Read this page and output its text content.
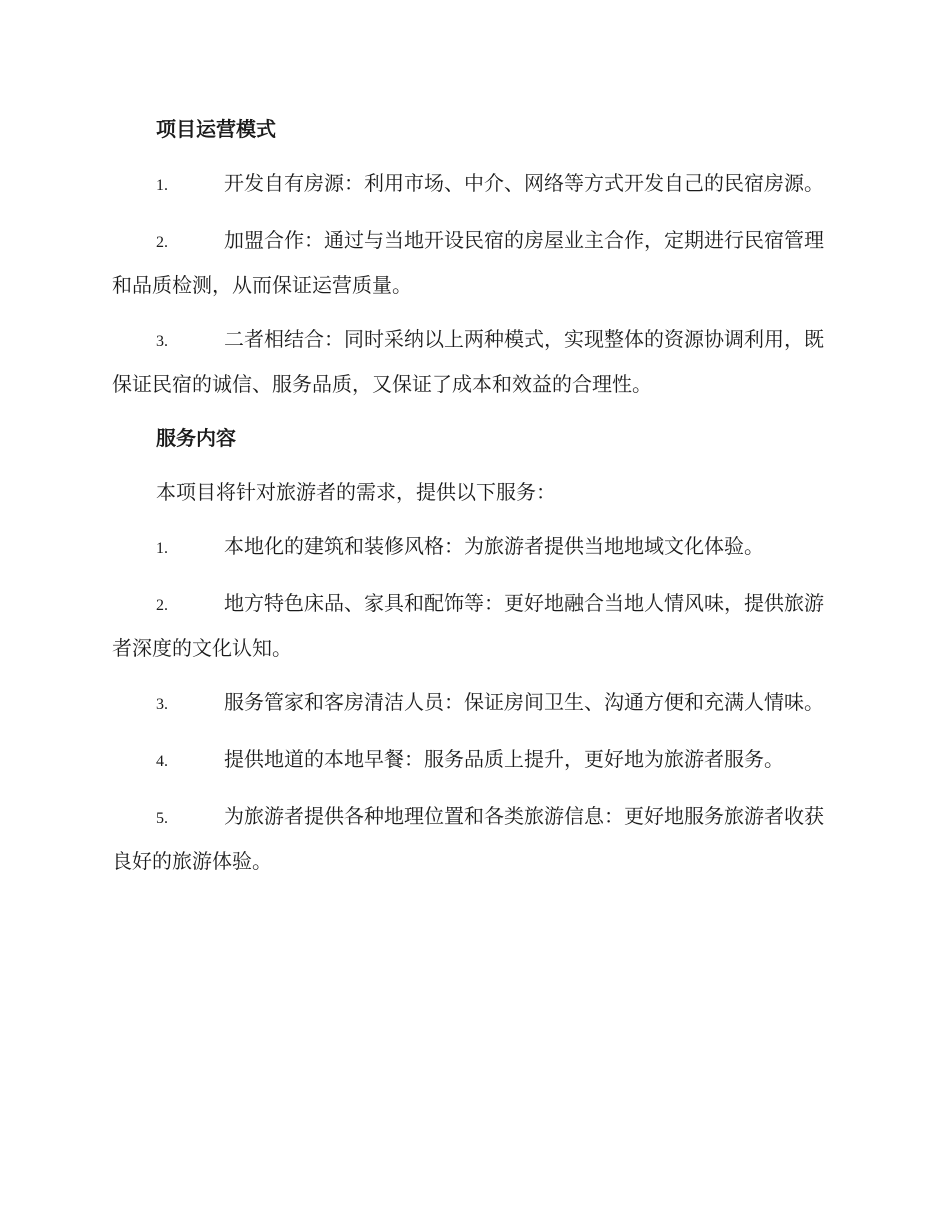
项目运营模式
1.	开发自有房源：利用市场、中介、网络等方式开发自己的民宿房源。
2.	加盟合作：通过与当地开设民宿的房屋业主合作，定期进行民宿管理和品质检测，从而保证运营质量。
3.	二者相结合：同时采纳以上两种模式，实现整体的资源协调利用，既保证民宿的诚信、服务品质，又保证了成本和效益的合理性。
服务内容
本项目将针对旅游者的需求，提供以下服务：
1.	本地化的建筑和装修风格：为旅游者提供当地地域文化体验。
2.	地方特色床品、家具和配饰等：更好地融合当地人情风味，提供旅游者深度的文化认知。
3.	服务管家和客房清洁人员：保证房间卫生、沟通方便和充满人情味。
4.	提供地道的本地早餐：服务品质上提升，更好地为旅游者服务。
5.	为旅游者提供各种地理位置和各类旅游信息：更好地服务旅游者收获良好的旅游体验。
